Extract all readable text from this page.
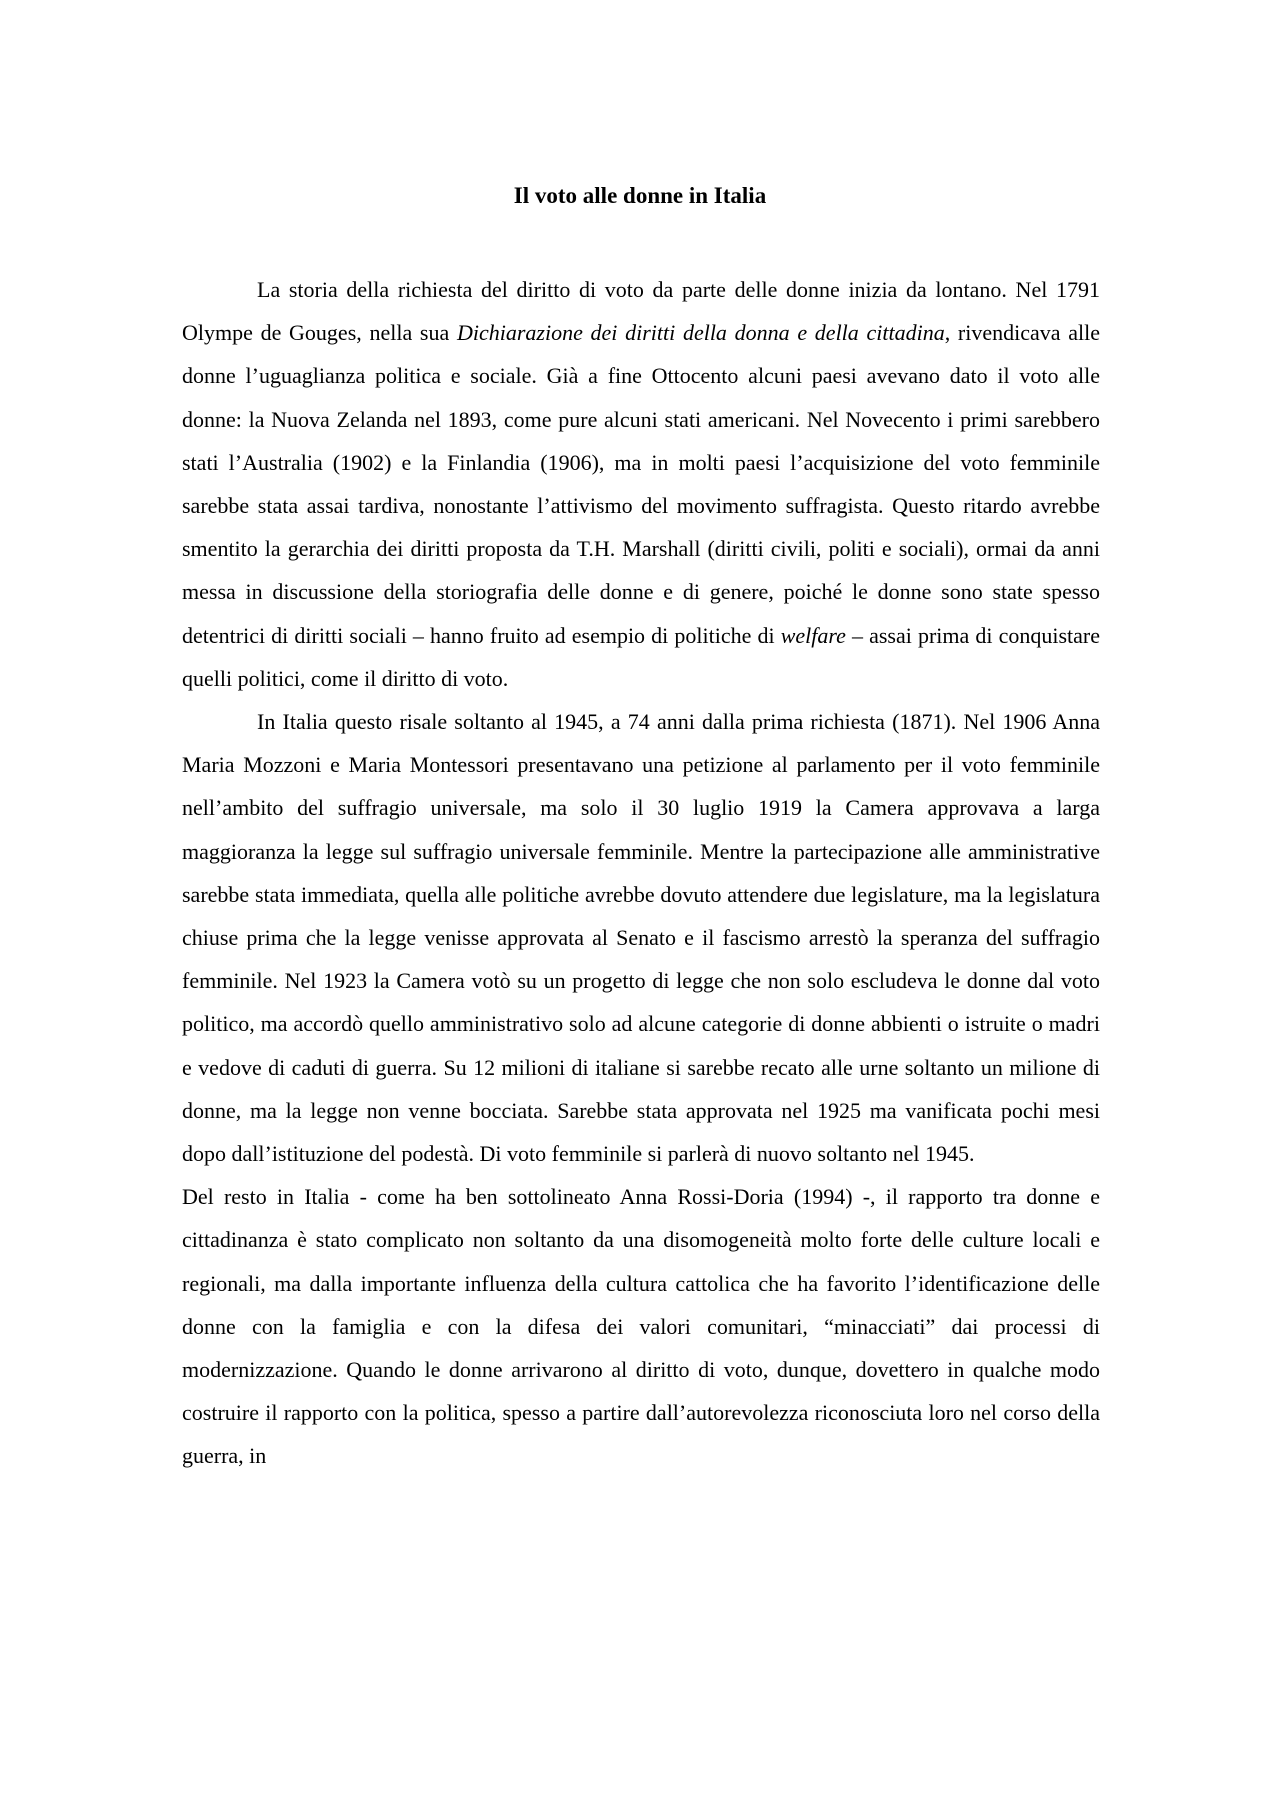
Il voto alle donne in Italia

La storia della richiesta del diritto di voto da parte delle donne inizia da lontano. Nel 1791 Olympe de Gouges, nella sua Dichiarazione dei diritti della donna e della cittadina, rivendicava alle donne l’uguaglianza politica e sociale. Già a fine Ottocento alcuni paesi avevano dato il voto alle donne: la Nuova Zelanda nel 1893, come pure alcuni stati americani. Nel Novecento i primi sarebbero stati l’Australia (1902) e la Finlandia (1906), ma in molti paesi l’acquisizione del voto femminile sarebbe stata assai tardiva, nonostante l’attivismo del movimento suffragista. Questo ritardo avrebbe smentito la gerarchia dei diritti proposta da T.H. Marshall (diritti civili, politi e sociali), ormai da anni messa in discussione della storiografia delle donne e di genere, poiché le donne sono state spesso detentrici di diritti sociali – hanno fruito ad esempio di politiche di welfare – assai prima di conquistare quelli politici, come il diritto di voto.

In Italia questo risale soltanto al 1945, a 74 anni dalla prima richiesta (1871). Nel 1906 Anna Maria Mozzoni e Maria Montessori presentavano una petizione al parlamento per il voto femminile nell’ambito del suffragio universale, ma solo il 30 luglio 1919 la Camera approvava a larga maggioranza la legge sul suffragio universale femminile. Mentre la partecipazione alle amministrative sarebbe stata immediata, quella alle politiche avrebbe dovuto attendere due legislature, ma la legislatura chiuse prima che la legge venisse approvata al Senato e il fascismo arrestò la speranza del suffragio femminile. Nel 1923 la Camera votò su un progetto di legge che non solo escludeva le donne dal voto politico, ma accordò quello amministrativo solo ad alcune categorie di donne abbienti o istruite o madri e vedove di caduti di guerra. Su 12 milioni di italiane si sarebbe recato alle urne soltanto un milione di donne, ma la legge non venne bocciata. Sarebbe stata approvata nel 1925 ma vanificata pochi mesi dopo dall’istituzione del podestà. Di voto femminile si parlerà di nuovo soltanto nel 1945.

Del resto in Italia - come ha ben sottolineato Anna Rossi-Doria (1994) -, il rapporto tra donne e cittadinanza è stato complicato non soltanto da una disomogeneità molto forte delle culture locali e regionali, ma dalla importante influenza della cultura cattolica che ha favorito l’identificazione delle donne con la famiglia e con la difesa dei valori comunitari, “minacciati” dai processi di modernizzazione. Quando le donne arrivarono al diritto di voto, dunque, dovettero in qualche modo costruire il rapporto con la politica, spesso a partire dall’autorevolezza riconosciuta loro nel corso della guerra, in
